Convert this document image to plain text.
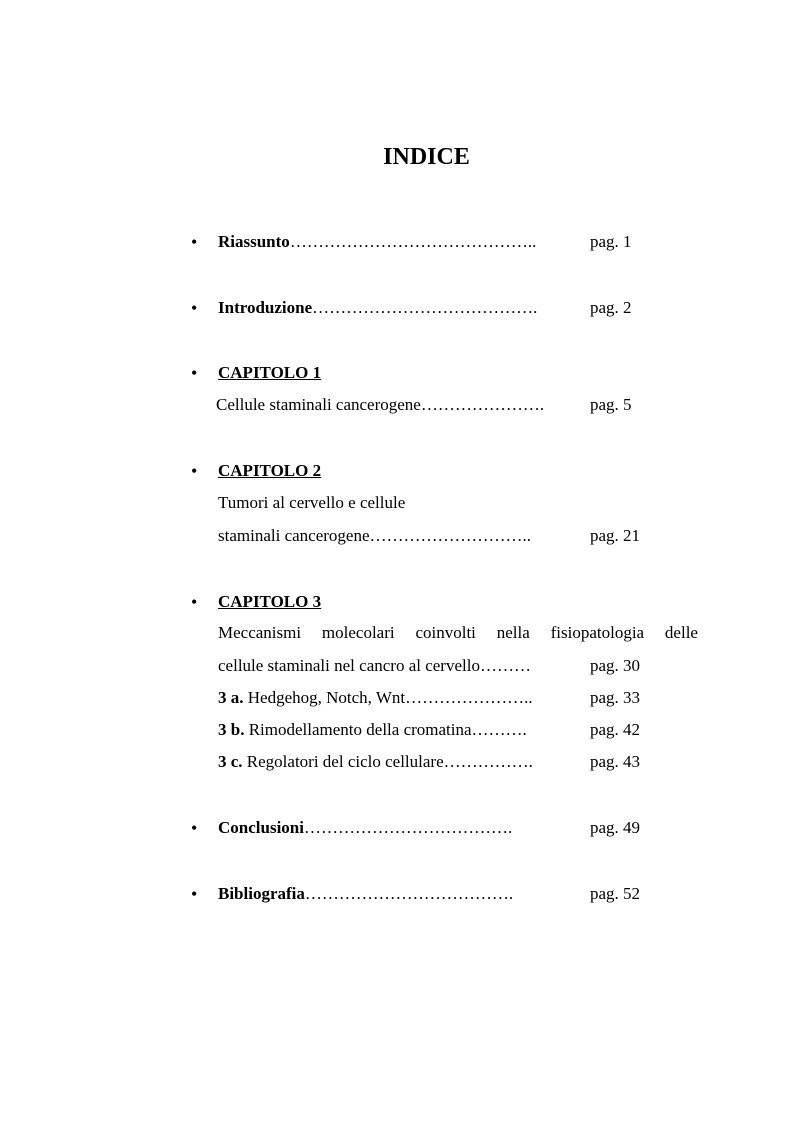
INDICE
• Riassunto……………………………………..	pag. 1
• Introduzione………………………………….	pag. 2
• CAPITOLO 1
Cellule staminali cancerogene………………….	pag. 5
• CAPITOLO 2
Tumori al cervello e cellule
staminali cancerogene………………………..	pag. 21
• CAPITOLO 3
Meccanismi molecolari coinvolti nella fisiopatologia delle
cellule staminali nel cancro al cervello………	pag. 30
3 a. Hedgehog, Notch, Wnt…………………..	pag. 33
3 b. Rimodellamento della cromatina……….	pag. 42
3 c. Regolatori del ciclo cellulare…………….	pag. 43
• Conclusioni……………………………….	pag. 49
• Bibliografia……………………………….	pag. 52
